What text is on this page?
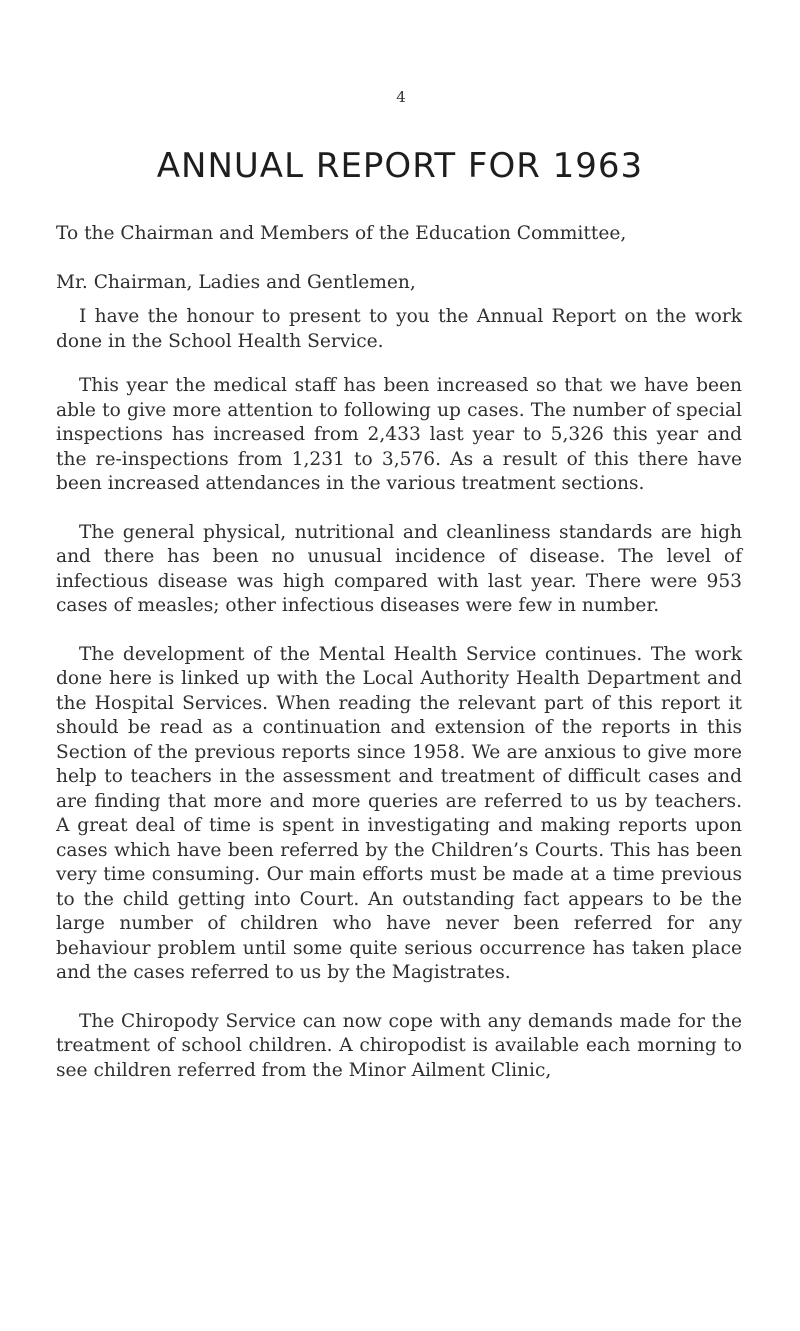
4
ANNUAL REPORT FOR 1963

To the Chairman and Members of the Education Committee,

Mr. Chairman, Ladies and Gentlemen,

I have the honour to present to you the Annual Report on the work done in the School Health Service.

This year the medical staff has been increased so that we have been able to give more attention to following up cases. The number of special inspections has increased from 2,433 last year to 5,326 this year and the re-inspections from 1,231 to 3,576. As a result of this there have been increased attendances in the various treatment sections.

The general physical, nutritional and cleanliness standards are high and there has been no unusual incidence of disease. The level of infectious disease was high compared with last year. There were 953 cases of measles; other infectious diseases were few in number.

The development of the Mental Health Service continues. The work done here is linked up with the Local Authority Health Department and the Hospital Services. When reading the relevant part of this report it should be read as a continuation and extension of the reports in this Section of the previous reports since 1958. We are anxious to give more help to teachers in the assessment and treatment of difficult cases and are finding that more and more queries are referred to us by teachers. A great deal of time is spent in investigating and making reports upon cases which have been referred by the Children’s Courts. This has been very time consuming. Our main efforts must be made at a time previous to the child getting into Court. An outstanding fact appears to be the large number of children who have never been referred for any behaviour problem until some quite serious occurrence has taken place and the cases referred to us by the Magistrates.

The Chiropody Service can now cope with any demands made for the treatment of school children. A chiropodist is available each morning to see children referred from the Minor Ailment Clinic,
